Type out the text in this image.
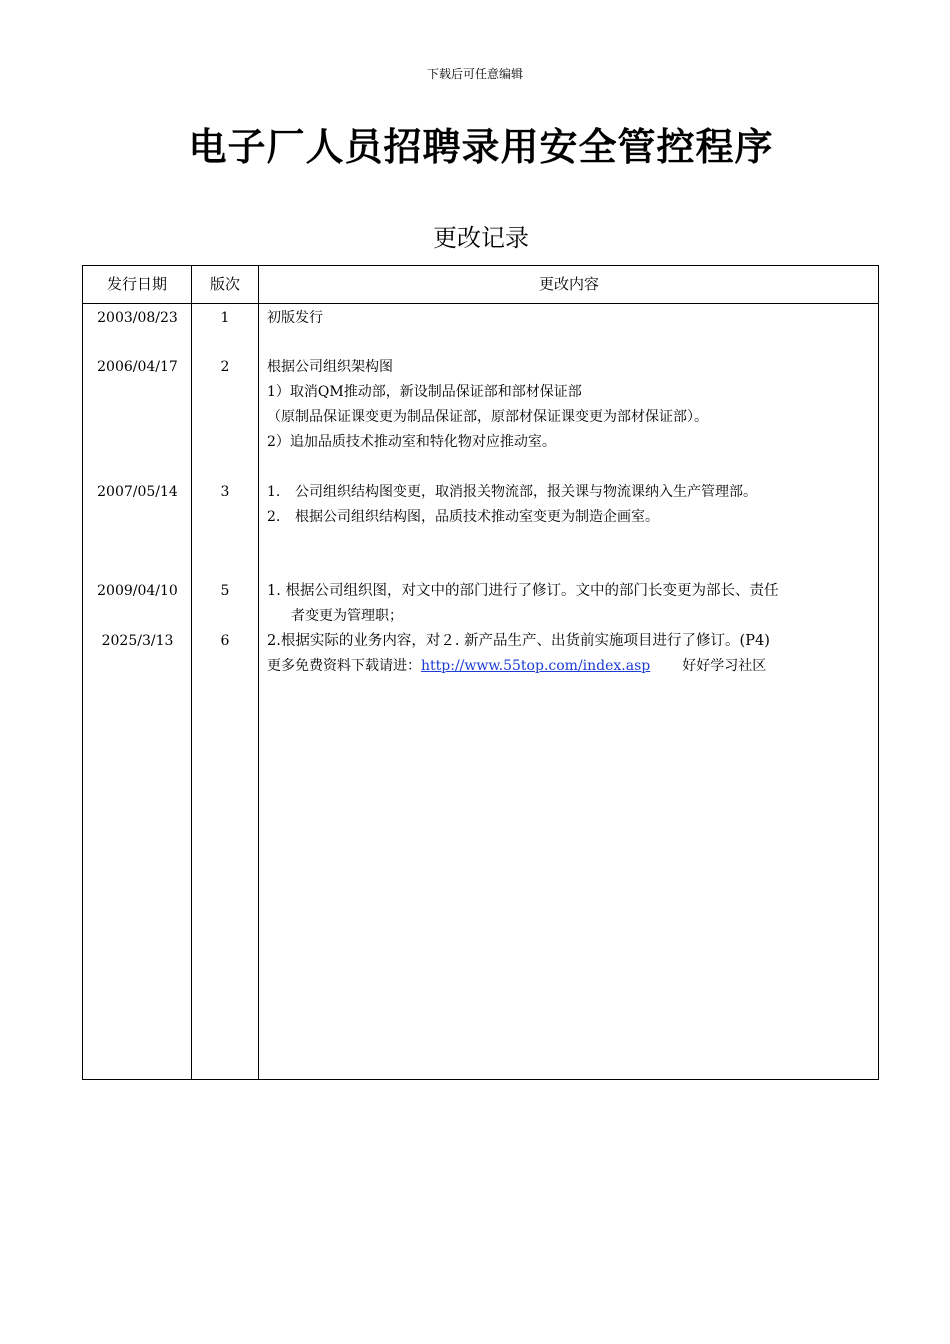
下载后可任意编辑
电子厂人员招聘录用安全管控程序
更改记录
发行日期	版次	更改内容
2003/08/23	1	初版发行
2006/04/17	2	根据公司组织架构图
1）取消QM推动部，新设制品保证部和部材保证部
（原制品保证课变更为制品保证部，原部材保证课变更为部材保证部）。
2）追加品质技术推动室和特化物对应推动室。
2007/05/14	3	1. 公司组织结构图变更，取消报关物流部，报关课与物流课纳入生产管理部。
2. 根据公司组织结构图，品质技术推动室变更为制造企画室。
2009/04/10	5	1. 根据公司组织图，对文中的部门进行了修订。文中的部门长变更为部长、责任
者变更为管理职；
2025/3/13	6	2.根据实际的业务内容，对２. 新产品生产、出货前实施项目进行了修订。(P4)
更多免费资料下载请进：http://www.55top.com/index.asp 好好学习社区
